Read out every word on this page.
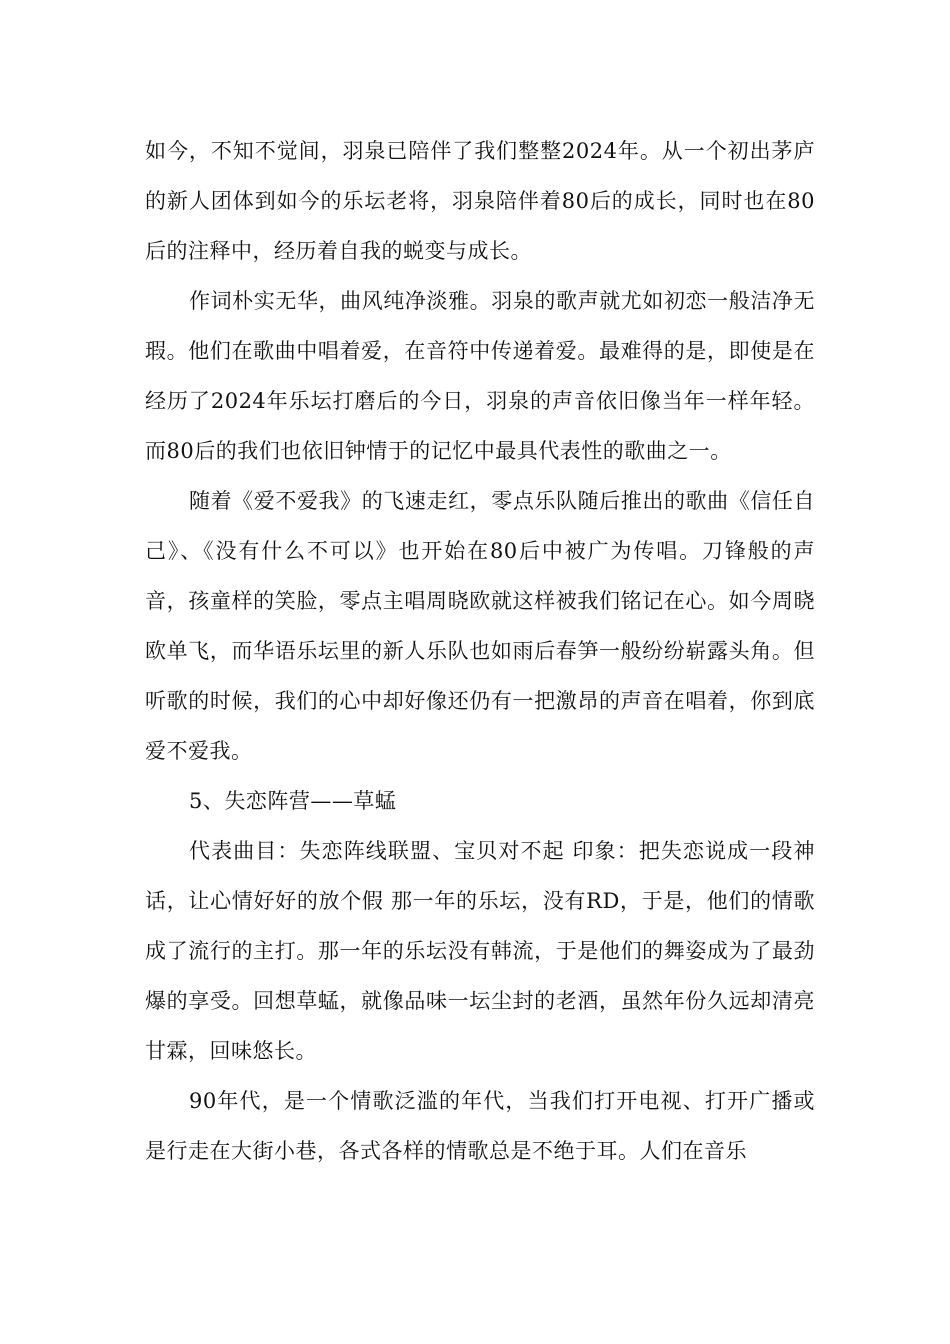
如今，不知不觉间，羽泉已陪伴了我们整整2024年。从一个初出茅庐的新人团体到如今的乐坛老将，羽泉陪伴着80后的成长，同时也在80后的注释中，经历着自我的蜕变与成长。

作词朴实无华，曲风纯净淡雅。羽泉的歌声就尤如初恋一般洁净无瑕。他们在歌曲中唱着爱，在音符中传递着爱。最难得的是，即使是在经历了2024年乐坛打磨后的今日，羽泉的声音依旧像当年一样年轻。而80后的我们也依旧钟情于的记忆中最具代表性的歌曲之一。

随着《爱不爱我》的飞速走红，零点乐队随后推出的歌曲《信任自己》、《没有什么不可以》也开始在80后中被广为传唱。刀锋般的声音，孩童样的笑脸，零点主唱周晓欧就这样被我们铭记在心。如今周晓欧单飞，而华语乐坛里的新人乐队也如雨后春笋一般纷纷崭露头角。但听歌的时候，我们的心中却好像还仍有一把激昂的声音在唱着，你到底爱不爱我。

5、失恋阵营——草蜢

代表曲目：失恋阵线联盟、宝贝对不起 印象：把失恋说成一段神话，让心情好好的放个假 那一年的乐坛，没有RD，于是，他们的情歌成了流行的主打。那一年的乐坛没有韩流，于是他们的舞姿成为了最劲爆的享受。回想草蜢，就像品味一坛尘封的老酒，虽然年份久远却清亮甘霖，回味悠长。

90年代，是一个情歌泛滥的年代，当我们打开电视、打开广播或是行走在大街小巷，各式各样的情歌总是不绝于耳。人们在音乐
